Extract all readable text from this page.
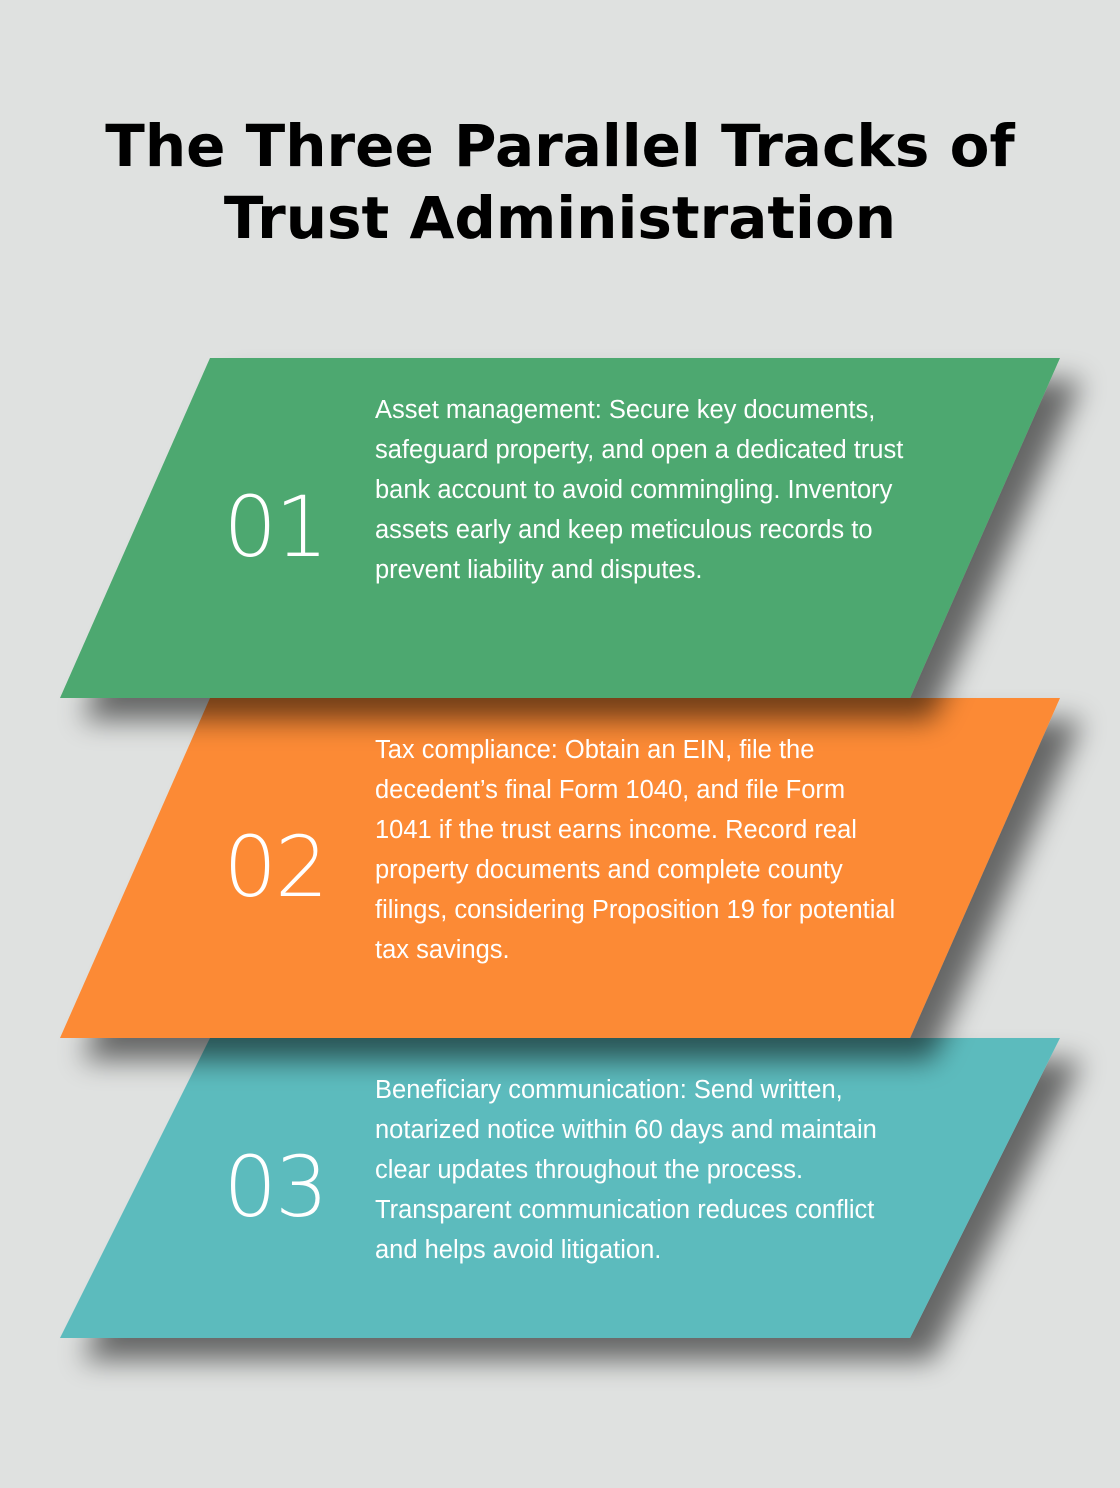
The Three Parallel Tracks of
Trust Administration
01
Asset management: Secure key documents, safeguard property, and open a dedicated trust bank account to avoid commingling. Inventory assets early and keep meticulous records to prevent liability and disputes.
02
Tax compliance: Obtain an EIN, file the decedent’s final Form 1040, and file Form 1041 if the trust earns income. Record real property documents and complete county filings, considering Proposition 19 for potential tax savings.
03
Beneficiary communication: Send written, notarized notice within 60 days and maintain clear updates throughout the process. Transparent communication reduces conflict and helps avoid litigation.
